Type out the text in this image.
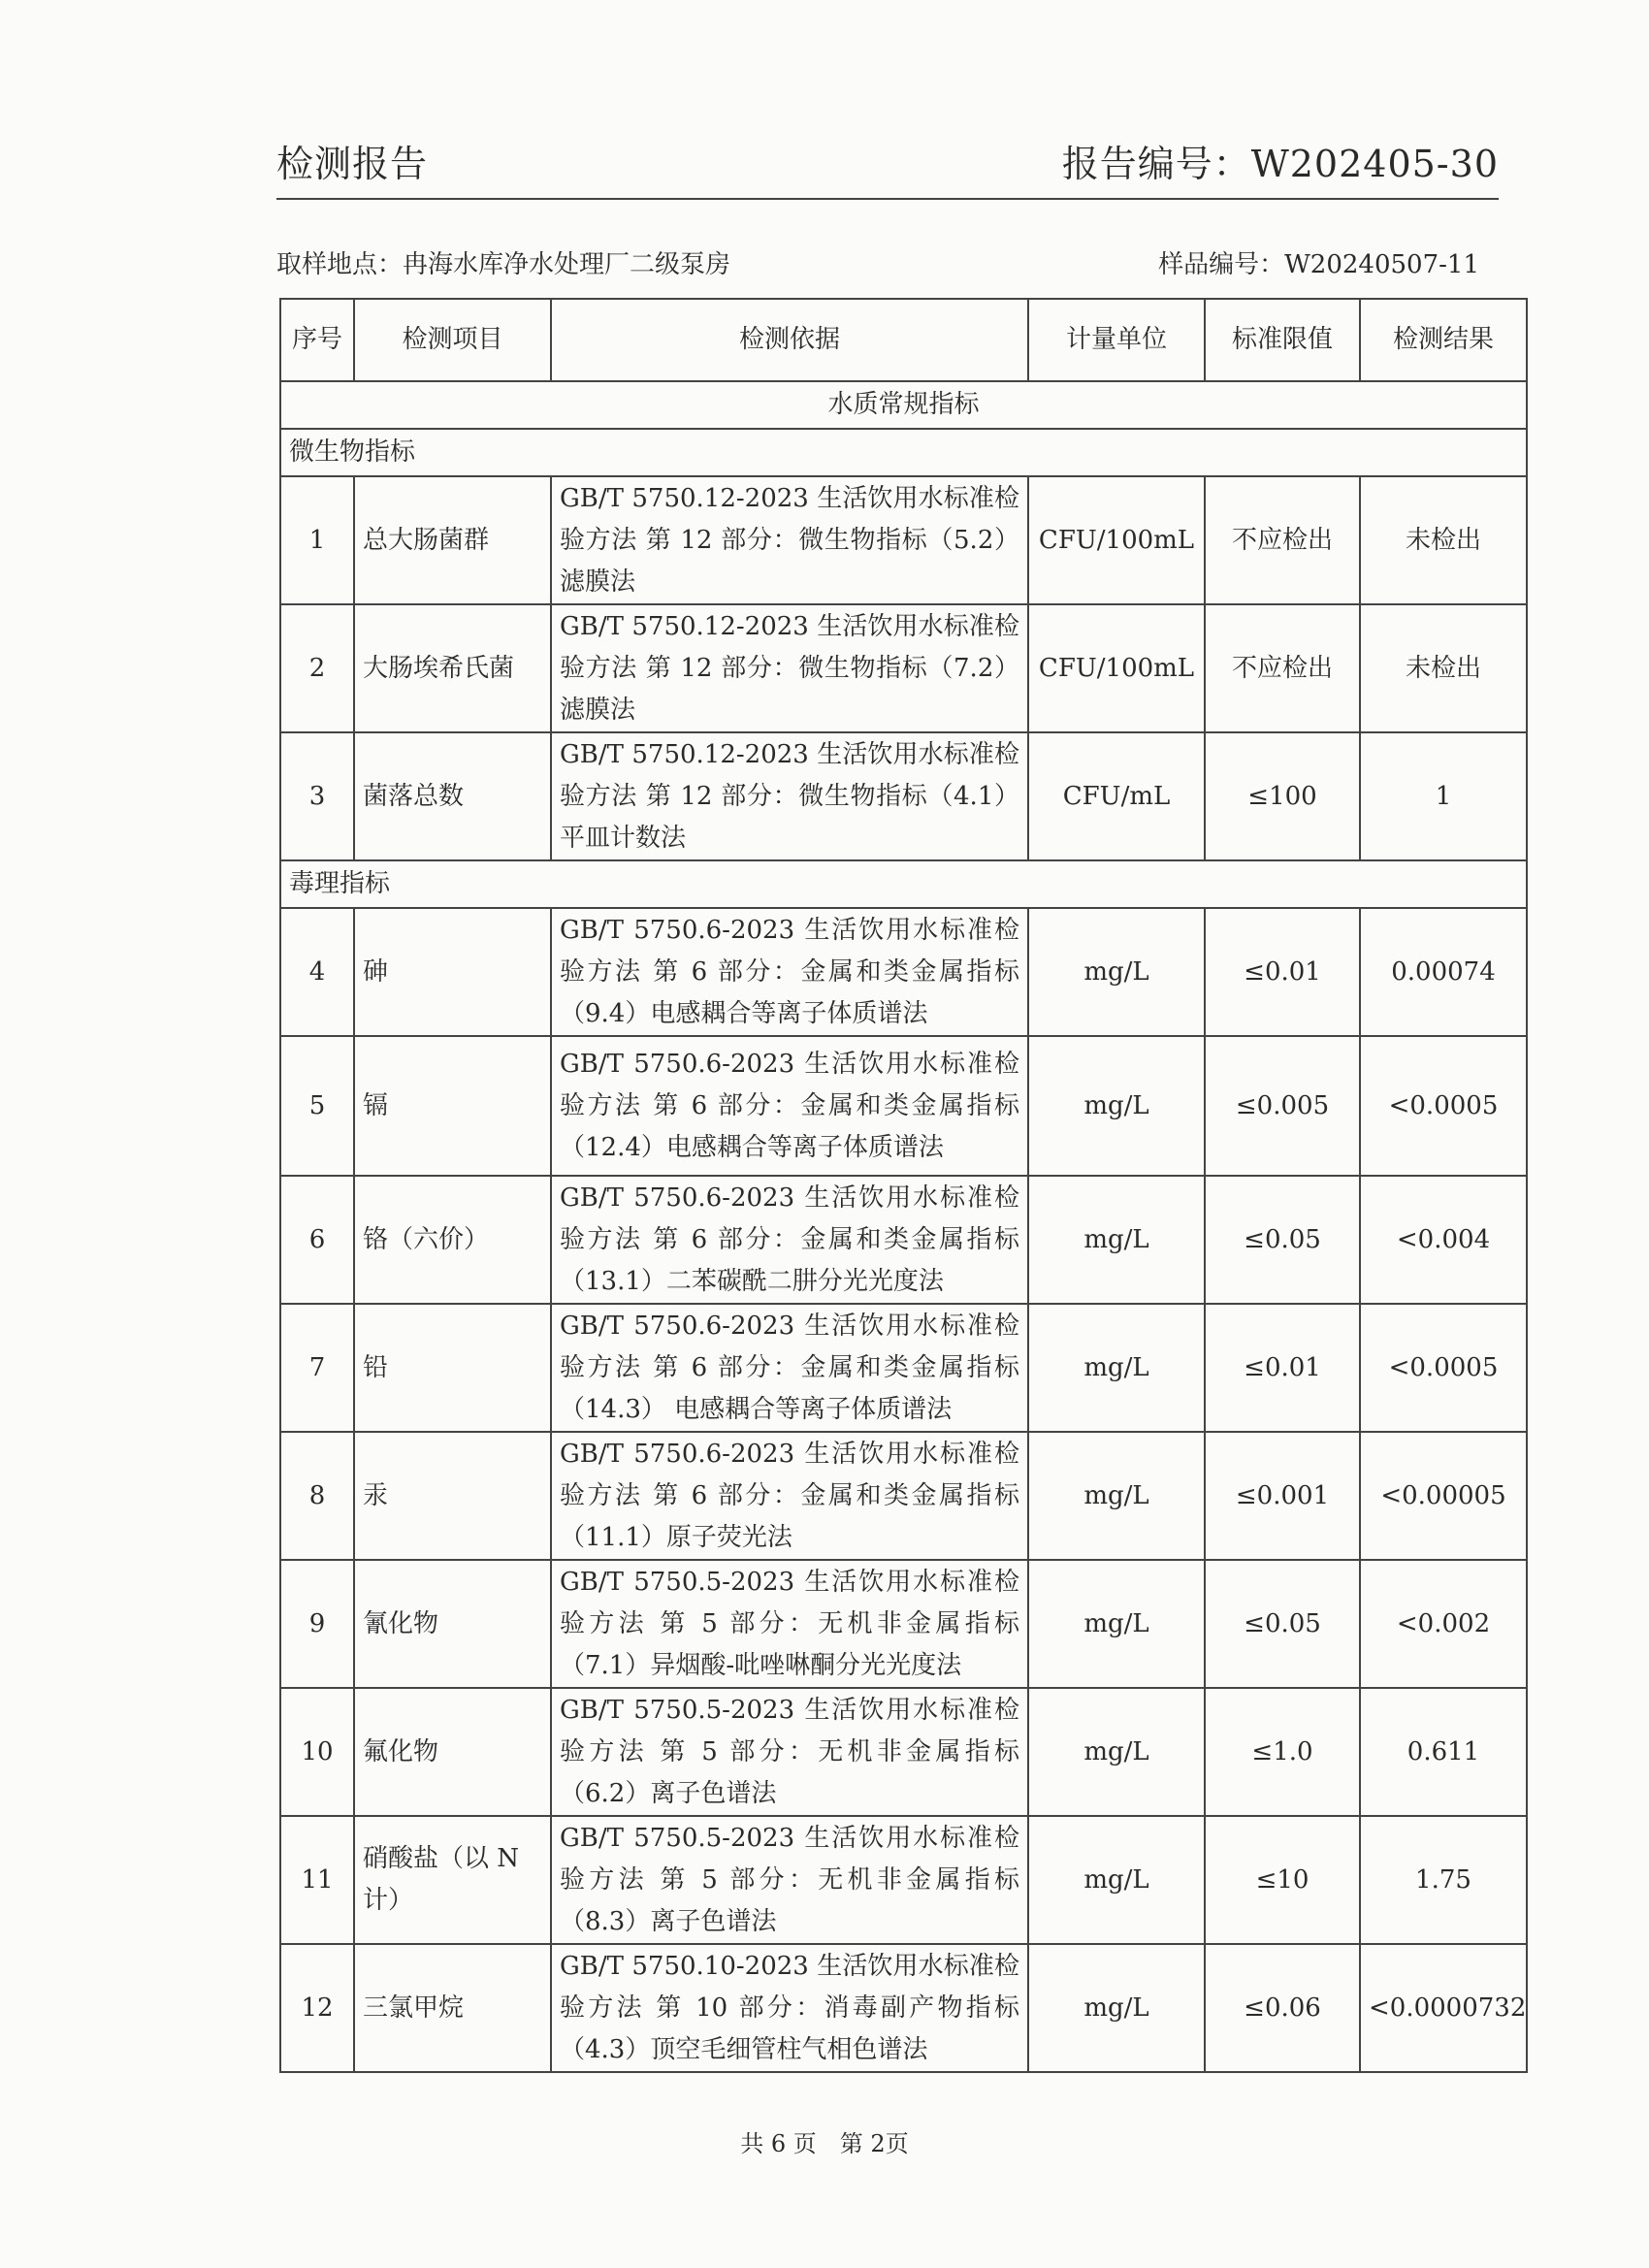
检测报告	报告编号：W202405-30
取样地点：冉海水库净水处理厂二级泵房	样品编号：W20240507-11
序号	检测项目	检测依据	计量单位	标准限值	检测结果
水质常规指标					
微生物指标					
1	总大肠菌群	GB/T 5750.12-2023 生活饮用水标准检验方法 第 12 部分：微生物指标（5.2）滤膜法	CFU/100mL	不应检出	未检出
2	大肠埃希氏菌	GB/T 5750.12-2023 生活饮用水标准检验方法 第 12 部分：微生物指标（7.2）滤膜法	CFU/100mL	不应检出	未检出
3	菌落总数	GB/T 5750.12-2023 生活饮用水标准检验方法 第 12 部分：微生物指标（4.1）平皿计数法	CFU/mL	≤100	1
毒理指标					
4	砷	GB/T 5750.6-2023 生活饮用水标准检验方法 第 6 部分：金属和类金属指标（9.4）电感耦合等离子体质谱法	mg/L	≤0.01	0.00074
5	镉	GB/T 5750.6-2023 生活饮用水标准检验方法 第 6 部分：金属和类金属指标（12.4）电感耦合等离子体质谱法	mg/L	≤0.005	<0.0005
6	铬（六价）	GB/T 5750.6-2023 生活饮用水标准检验方法 第 6 部分：金属和类金属指标（13.1）二苯碳酰二肼分光光度法	mg/L	≤0.05	<0.004
7	铅	GB/T 5750.6-2023 生活饮用水标准检验方法 第 6 部分：金属和类金属指标（14.3） 电感耦合等离子体质谱法	mg/L	≤0.01	<0.0005
8	汞	GB/T 5750.6-2023 生活饮用水标准检验方法 第 6 部分：金属和类金属指标（11.1）原子荧光法	mg/L	≤0.001	<0.00005
9	氰化物	GB/T 5750.5-2023 生活饮用水标准检验方法 第 5 部分：无机非金属指标（7.1）异烟酸-吡唑啉酮分光光度法	mg/L	≤0.05	<0.002
10	氟化物	GB/T 5750.5-2023 生活饮用水标准检验方法 第 5 部分：无机非金属指标（6.2）离子色谱法	mg/L	≤1.0	0.611
11	硝酸盐（以 N 计）	GB/T 5750.5-2023 生活饮用水标准检验方法 第 5 部分：无机非金属指标（8.3）离子色谱法	mg/L	≤10	1.75
12	三氯甲烷	GB/T 5750.10-2023 生活饮用水标准检验方法 第 10 部分：消毒副产物指标（4.3）顶空毛细管柱气相色谱法	mg/L	≤0.06	<0.0000732
共 6 页　第 2页
